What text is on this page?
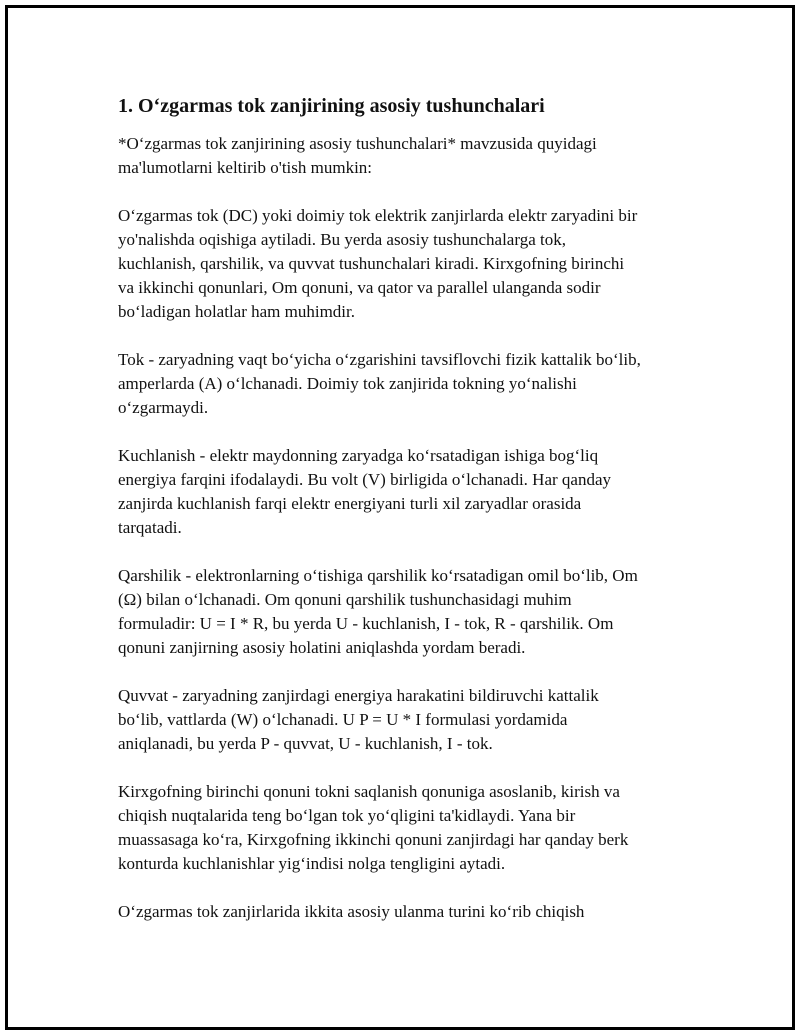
1. O‘zgarmas tok zanjirining asosiy tushunchalari

*O‘zgarmas tok zanjirining asosiy tushunchalari* mavzusida quyidagi
ma'lumotlarni keltirib o'tish mumkin:

O‘zgarmas tok (DC) yoki doimiy tok elektrik zanjirlarda elektr zaryadini bir
yo'nalishda oqishiga aytiladi. Bu yerda asosiy tushunchalarga tok,
kuchlanish, qarshilik, va quvvat tushunchalari kiradi. Kirxgofning birinchi
va ikkinchi qonunlari, Om qonuni, va qator va parallel ulanganda sodir
bo‘ladigan holatlar ham muhimdir.

Tok - zaryadning vaqt bo‘yicha o‘zgarishini tavsiflovchi fizik kattalik bo‘lib,
amperlarda (A) o‘lchanadi. Doimiy tok zanjirida tokning yo‘nalishi
o‘zgarmaydi.

Kuchlanish - elektr maydonning zaryadga ko‘rsatadigan ishiga bog‘liq
energiya farqini ifodalaydi. Bu volt (V) birligida o‘lchanadi. Har qanday
zanjirda kuchlanish farqi elektr energiyani turli xil zaryadlar orasida
tarqatadi.

Qarshilik - elektronlarning o‘tishiga qarshilik ko‘rsatadigan omil bo‘lib, Om
(Ω) bilan o‘lchanadi. Om qonuni qarshilik tushunchasidagi muhim
formuladir: U = I * R, bu yerda U - kuchlanish, I - tok, R - qarshilik. Om
qonuni zanjirning asosiy holatini aniqlashda yordam beradi.

Quvvat - zaryadning zanjirdagi energiya harakatini bildiruvchi kattalik
bo‘lib, vattlarda (W) o‘lchanadi. U P = U * I formulasi yordamida
aniqlanadi, bu yerda P - quvvat, U - kuchlanish, I - tok.

Kirxgofning birinchi qonuni tokni saqlanish qonuniga asoslanib, kirish va
chiqish nuqtalarida teng bo‘lgan tok yo‘qligini ta'kidlaydi. Yana bir
muassasaga ko‘ra, Kirxgofning ikkinchi qonuni zanjirdagi har qanday berk
konturda kuchlanishlar yig‘indisi nolga tengligini aytadi.

O‘zgarmas tok zanjirlarida ikkita asosiy ulanma turini ko‘rib chiqish
